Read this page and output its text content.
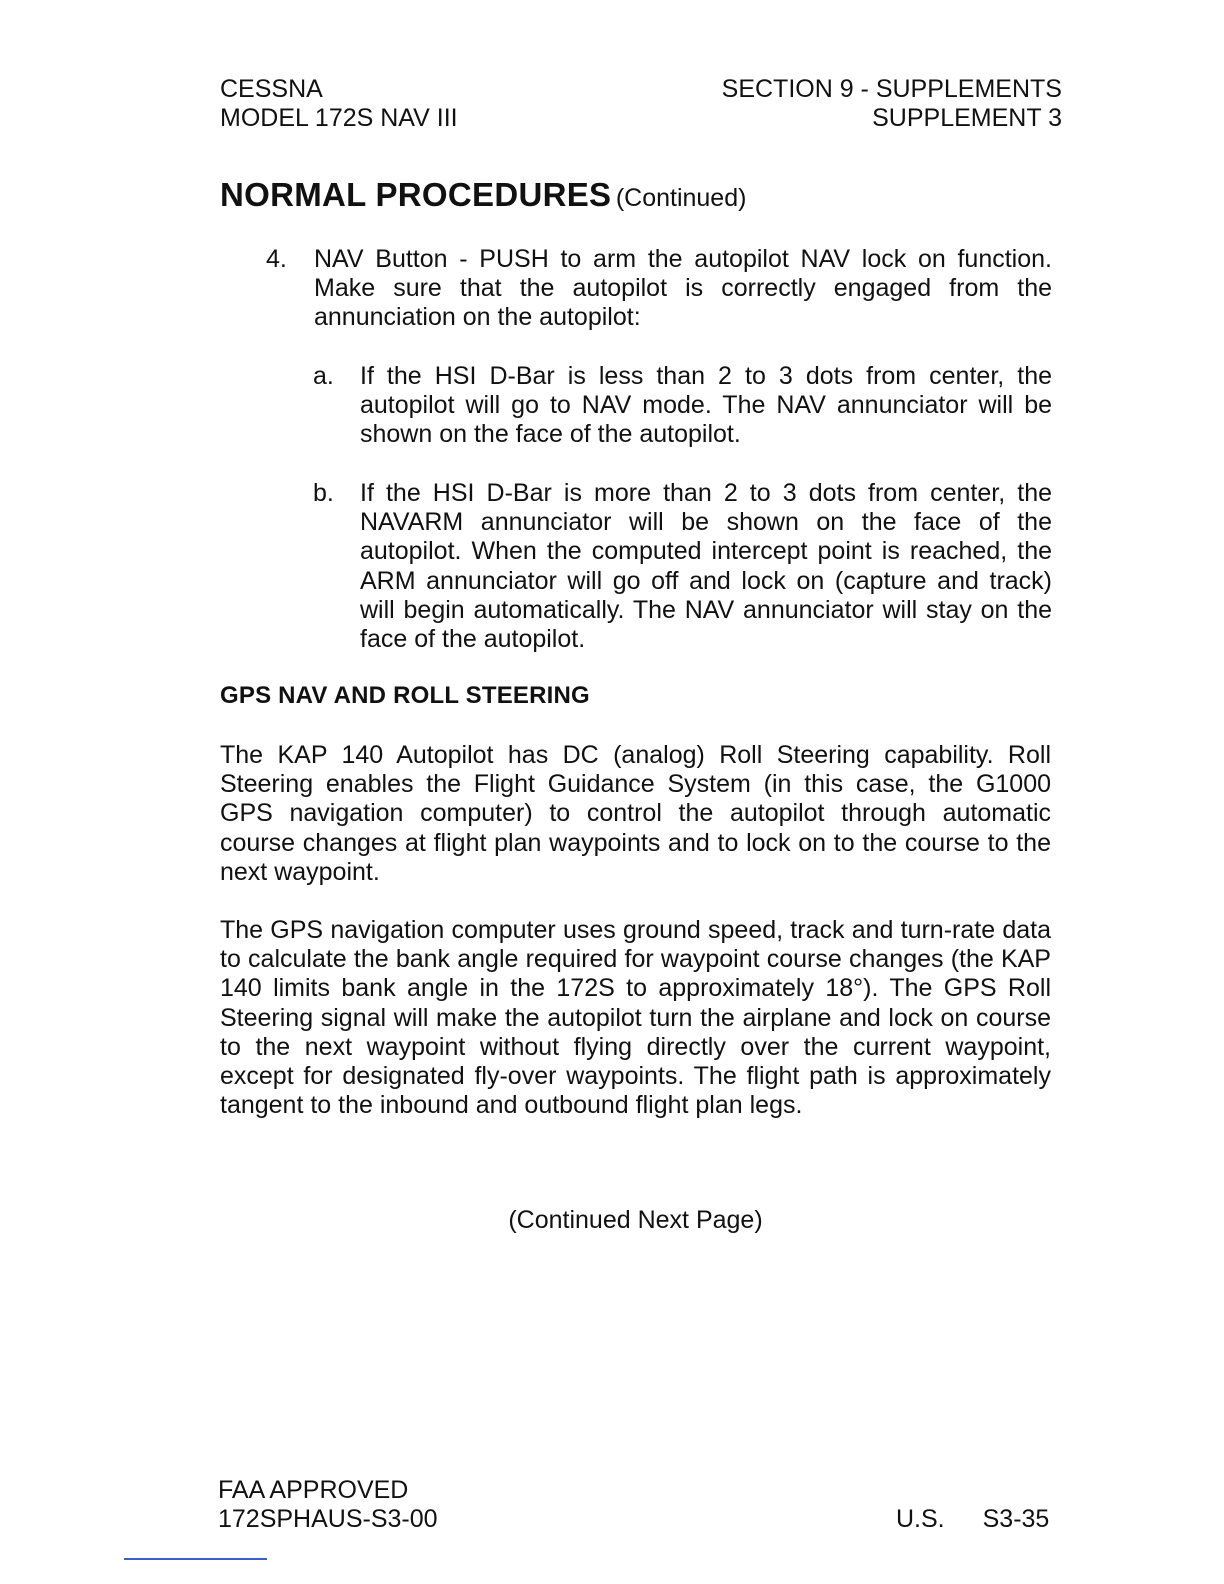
CESSNA
MODEL 172S NAV III
SECTION 9 - SUPPLEMENTS
SUPPLEMENT 3
NORMAL PROCEDURES (Continued)
4. NAV Button - PUSH to arm the autopilot NAV lock on function. Make sure that the autopilot is correctly engaged from the annunciation on the autopilot:

a. If the HSI D-Bar is less than 2 to 3 dots from center, the autopilot will go to NAV mode. The NAV annunciator will be shown on the face of the autopilot.

b. If the HSI D-Bar is more than 2 to 3 dots from center, the NAVARM annunciator will be shown on the face of the autopilot. When the computed intercept point is reached, the ARM annunciator will go off and lock on (capture and track) will begin automatically. The NAV annunciator will stay on the face of the autopilot.

GPS NAV AND ROLL STEERING

The KAP 140 Autopilot has DC (analog) Roll Steering capability. Roll Steering enables the Flight Guidance System (in this case, the G1000 GPS navigation computer) to control the autopilot through automatic course changes at flight plan waypoints and to lock on to the course to the next waypoint.

The GPS navigation computer uses ground speed, track and turn-rate data to calculate the bank angle required for waypoint course changes (the KAP 140 limits bank angle in the 172S to approximately 18°). The GPS Roll Steering signal will make the autopilot turn the airplane and lock on course to the next waypoint without flying directly over the current waypoint, except for designated fly-over waypoints. The flight path is approximately tangent to the inbound and outbound flight plan legs.

(Continued Next Page)
FAA APPROVED
172SPHAUS-S3-00	U.S. S3-35
